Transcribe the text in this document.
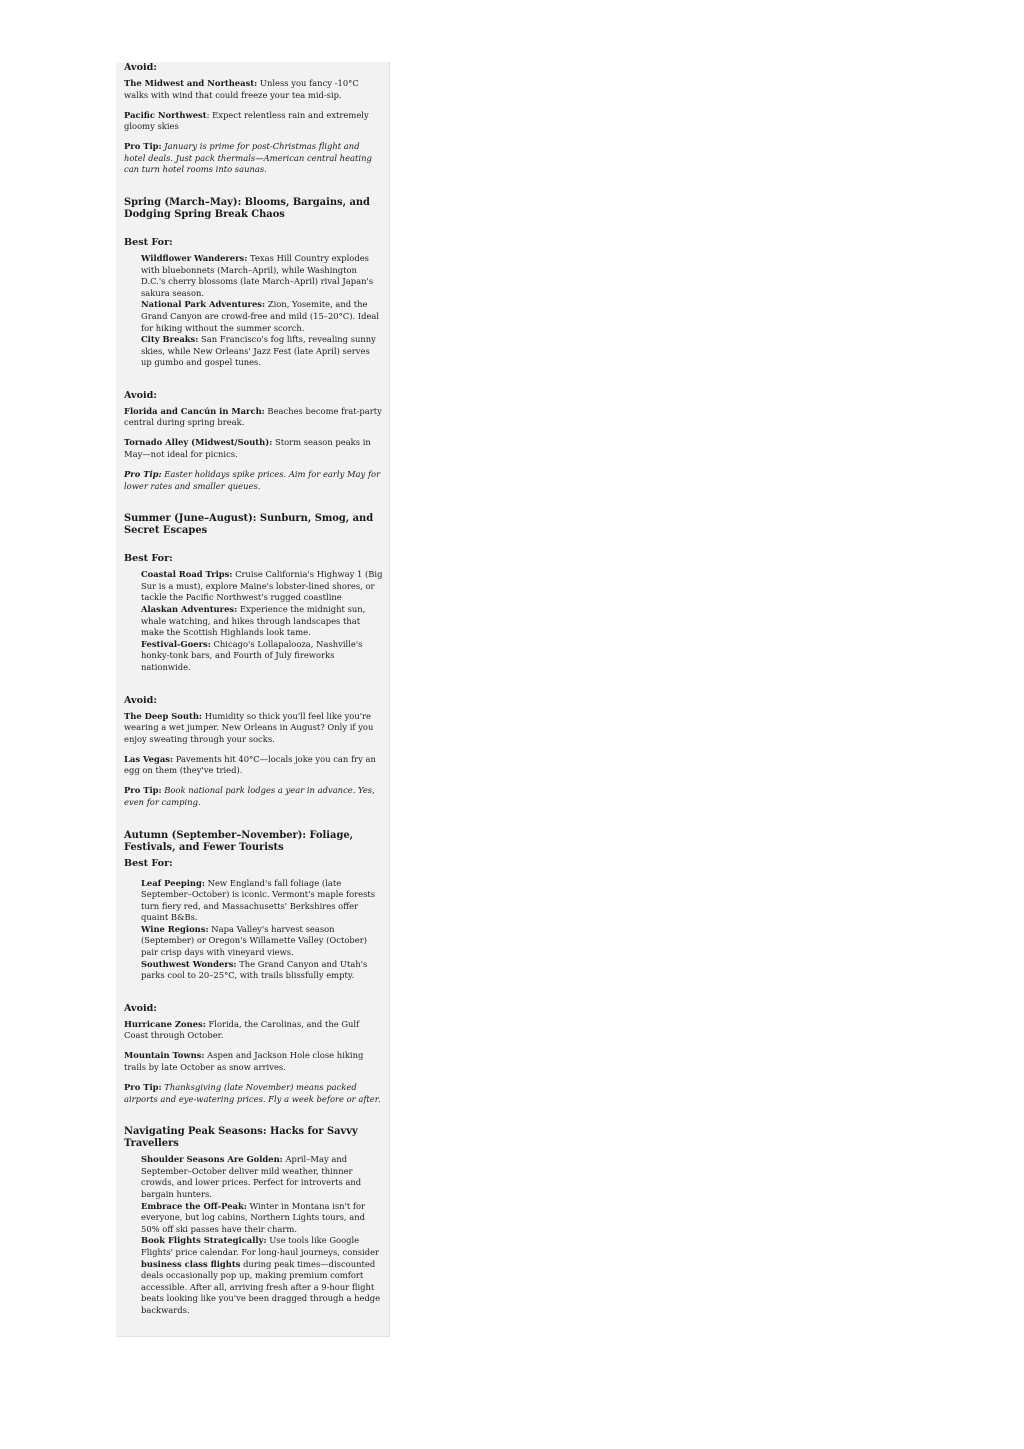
Avoid:

The Midwest and Northeast: Unless you fancy -10°C walks with wind that could freeze your tea mid-sip.

Pacific Northwest: Expect relentless rain and extremely gloomy skies

Pro Tip: January is prime for post-Christmas flight and hotel deals. Just pack thermals—American central heating can turn hotel rooms into saunas.

Spring (March–May): Blooms, Bargains, and Dodging Spring Break Chaos
Best For:
Wildflower Wanderers: Texas Hill Country explodes with bluebonnets (March–April), while Washington D.C.'s cherry blossoms (late March–April) rival Japan's sakura season.
National Park Adventures: Zion, Yosemite, and the Grand Canyon are crowd-free and mild (15–20°C). Ideal for hiking without the summer scorch.
City Breaks: San Francisco's fog lifts, revealing sunny skies, while New Orleans' Jazz Fest (late April) serves up gumbo and gospel tunes.
Avoid:

Florida and Cancún in March: Beaches become frat-party central during spring break.

Tornado Alley (Midwest/South): Storm season peaks in May—not ideal for picnics.

Pro Tip: Easter holidays spike prices. Aim for early May for lower rates and smaller queues.

Summer (June–August): Sunburn, Smog, and Secret Escapes
Best For:
Coastal Road Trips: Cruise California's Highway 1 (Big Sur is a must), explore Maine's lobster-lined shores, or tackle the Pacific Northwest's rugged coastline
Alaskan Adventures: Experience the midnight sun, whale watching, and hikes through landscapes that make the Scottish Highlands look tame.
Festival-Goers: Chicago's Lollapalooza, Nashville's honky-tonk bars, and Fourth of July fireworks nationwide.
Avoid:

The Deep South: Humidity so thick you'll feel like you're wearing a wet jumper. New Orleans in August? Only if you enjoy sweating through your socks.

Las Vegas: Pavements hit 40°C—locals joke you can fry an egg on them (they've tried).

Pro Tip: Book national park lodges a year in advance. Yes, even for camping.

Autumn (September–November): Foliage, Festivals, and Fewer Tourists
Best For:
Leaf Peeping: New England's fall foliage (late September–October) is iconic. Vermont's maple forests turn fiery red, and Massachusetts' Berkshires offer quaint B&Bs.
Wine Regions: Napa Valley's harvest season (September) or Oregon's Willamette Valley (October) pair crisp days with vineyard views.
Southwest Wonders: The Grand Canyon and Utah's parks cool to 20–25°C, with trails blissfully empty.
Avoid:

Hurricane Zones: Florida, the Carolinas, and the Gulf Coast through October.

Mountain Towns: Aspen and Jackson Hole close hiking trails by late October as snow arrives.

Pro Tip: Thanksgiving (late November) means packed airports and eye-watering prices. Fly a week before or after.

Navigating Peak Seasons: Hacks for Savvy Travellers
Shoulder Seasons Are Golden: April–May and September–October deliver mild weather, thinner crowds, and lower prices. Perfect for introverts and bargain hunters.
Embrace the Off-Peak: Winter in Montana isn't for everyone, but log cabins, Northern Lights tours, and 50% off ski passes have their charm.
Book Flights Strategically: Use tools like Google Flights' price calendar. For long-haul journeys, consider business class flights during peak times—discounted deals occasionally pop up, making premium comfort accessible. After all, arriving fresh after a 9-hour flight beats looking like you've been dragged through a hedge backwards.
